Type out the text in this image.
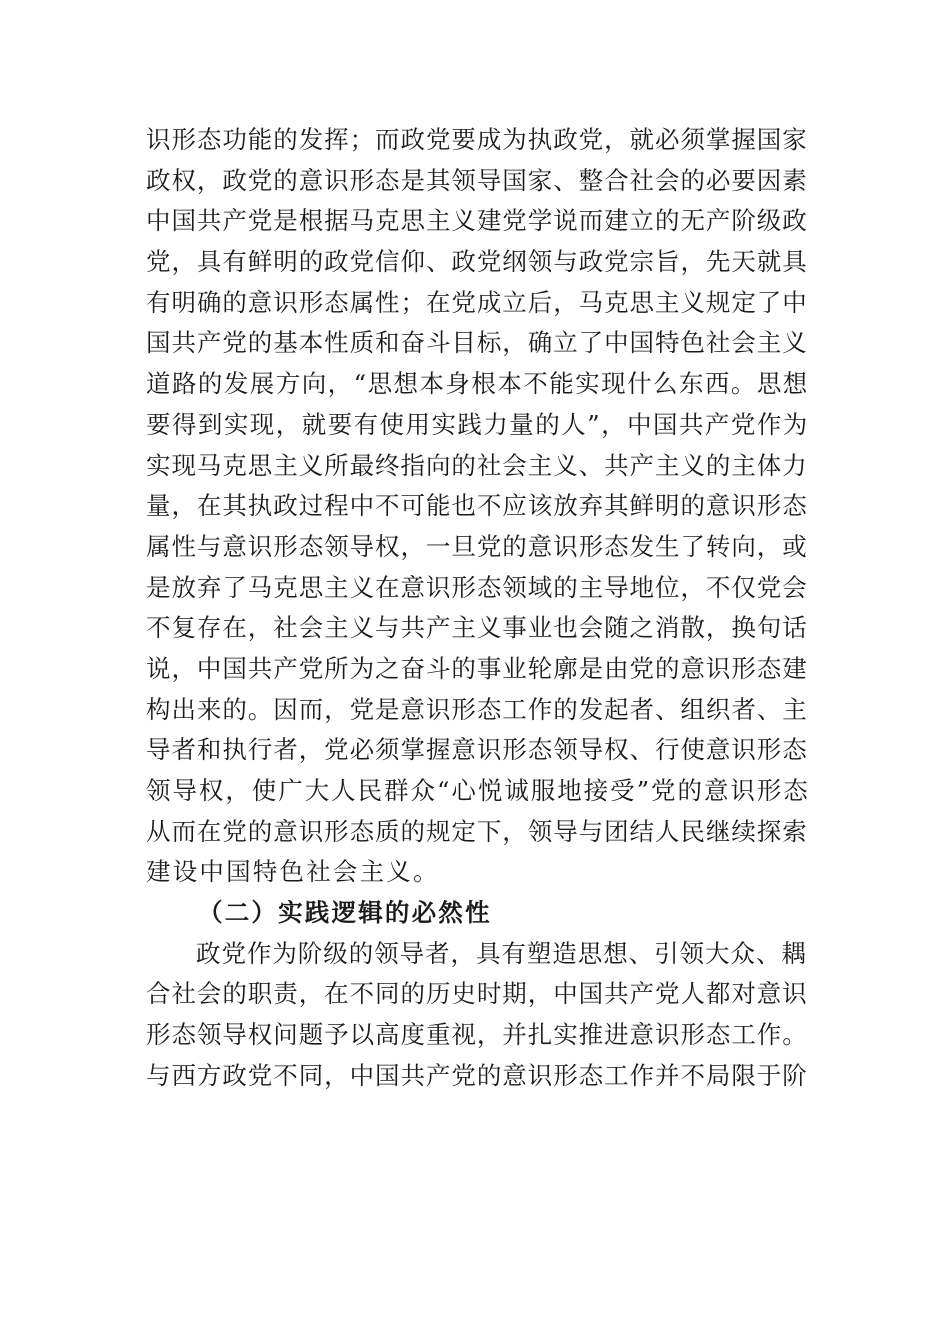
识形态功能的发挥；而政党要成为执政党，就必须掌握国家
政权，政党的意识形态是其领导国家、整合社会的必要因素
中国共产党是根据马克思主义建党学说而建立的无产阶级政
党，具有鲜明的政党信仰、政党纲领与政党宗旨，先天就具
有明确的意识形态属性；在党成立后，马克思主义规定了中
国共产党的基本性质和奋斗目标，确立了中国特色社会主义
道路的发展方向，“思想本身根本不能实现什么东西。思想
要得到实现，就要有使用实践力量的人”，中国共产党作为
实现马克思主义所最终指向的社会主义、共产主义的主体力
量，在其执政过程中不可能也不应该放弃其鲜明的意识形态
属性与意识形态领导权，一旦党的意识形态发生了转向，或
是放弃了马克思主义在意识形态领域的主导地位，不仅党会
不复存在，社会主义与共产主义事业也会随之消散，换句话
说，中国共产党所为之奋斗的事业轮廓是由党的意识形态建
构出来的。因而，党是意识形态工作的发起者、组织者、主
导者和执行者，党必须掌握意识形态领导权、行使意识形态
领导权，使广大人民群众“心悦诚服地接受”党的意识形态
从而在党的意识形态质的规定下，领导与团结人民继续探索
建设中国特色社会主义。
（二）实践逻辑的必然性
政党作为阶级的领导者，具有塑造思想、引领大众、耦
合社会的职责，在不同的历史时期，中国共产党人都对意识
形态领导权问题予以高度重视，并扎实推进意识形态工作。
与西方政党不同，中国共产党的意识形态工作并不局限于阶
